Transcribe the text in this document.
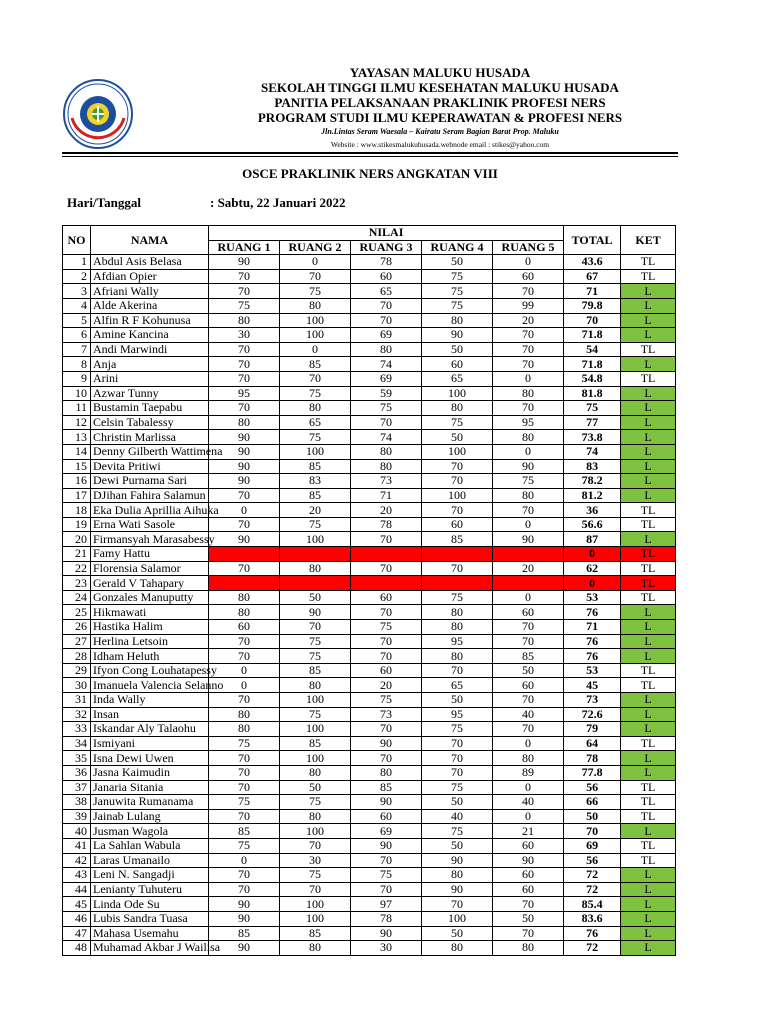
YAYASAN MALUKU HUSADA
SEKOLAH TINGGI ILMU KESEHATAN MALUKU HUSADA
PANITIA PELAKSANAAN PRAKLINIK PROFESI NERS
PROGRAM STUDI ILMU KEPERAWATAN & PROFESI NERS
Jln.Lintas Seram Waesala – Kairatu Seram Bagian Barat Prop. Maluku
Website : www.stikesmalukuhusada.webnode email : stikes@yahoo.com
OSCE PRAKLINIK NERS ANGKATAN VIII
Hari/Tanggal	: Sabtu, 22 Januari 2022
NO	NAMA	NILAI					TOTAL	KET
		RUANG 1	RUANG 2	RUANG 3	RUANG 4	RUANG 5		
1	Abdul Asis Belasa	90	0	78	50	0	43.6	TL
2	Afdian Opier	70	70	60	75	60	67	TL
3	Afriani Wally	70	75	65	75	70	71	L
4	Alde Akerina	75	80	70	75	99	79.8	L
5	Alfin R F Kohunusa	80	100	70	80	20	70	L
6	Amine Kancina	30	100	69	90	70	71.8	L
7	Andi Marwindi	70	0	80	50	70	54	TL
8	Anja	70	85	74	60	70	71.8	L
9	Arini	70	70	69	65	0	54.8	TL
10	Azwar Tunny	95	75	59	100	80	81.8	L
11	Bustamin Taepabu	70	80	75	80	70	75	L
12	Celsin Tabalessy	80	65	70	75	95	77	L
13	Christin Marlissa	90	75	74	50	80	73.8	L
14	Denny Gilberth Wattimena	90	100	80	100	0	74	L
15	Devita Pritiwi	90	85	80	70	90	83	L
16	Dewi Purnama Sari	90	83	73	70	75	78.2	L
17	DJihan Fahira Salamun	70	85	71	100	80	81.2	L
18	Eka Dulia Aprillia Aihuka	0	20	20	70	70	36	TL
19	Erna Wati Sasole	70	75	78	60	0	56.6	TL
20	Firmansyah Marasabessy	90	100	70	85	90	87	L
21	Famy Hattu						0	TL
22	Florensia Salamor	70	80	70	70	20	62	TL
23	Gerald V Tahapary						0	TL
24	Gonzales Manuputty	80	50	60	75	0	53	TL
25	Hikmawati	80	90	70	80	60	76	L
26	Hastika Halim	60	70	75	80	70	71	L
27	Herlina Letsoin	70	75	70	95	70	76	L
28	Idham Heluth	70	75	70	80	85	76	L
29	Ifyon Cong Louhatapessy	0	85	60	70	50	53	TL
30	Imanuela Valencia Selanno	0	80	20	65	60	45	TL
31	Inda Wally	70	100	75	50	70	73	L
32	Insan	80	75	73	95	40	72.6	L
33	Iskandar Aly Talaohu	80	100	70	75	70	79	L
34	Ismiyani	75	85	90	70	0	64	TL
35	Isna Dewi Uwen	70	100	70	70	80	78	L
36	Jasna Kaimudin	70	80	80	70	89	77.8	L
37	Janaria Sitania	70	50	85	75	0	56	TL
38	Januwita Rumanama	75	75	90	50	40	66	TL
39	Jainab Lulang	70	80	60	40	0	50	TL
40	Jusman Wagola	85	100	69	75	21	70	L
41	La Sahlan Wabula	75	70	90	50	60	69	TL
42	Laras Umanailo	0	30	70	90	90	56	TL
43	Leni N. Sangadji	70	75	75	80	60	72	L
44	Lenianty Tuhuteru	70	70	70	90	60	72	L
45	Linda Ode Su	90	100	97	70	70	85.4	L
46	Lubis Sandra Tuasa	90	100	78	100	50	83.6	L
47	Mahasa Usemahu	85	85	90	50	70	76	L
48	Muhamad Akbar J Wailisa	90	80	30	80	80	72	L
